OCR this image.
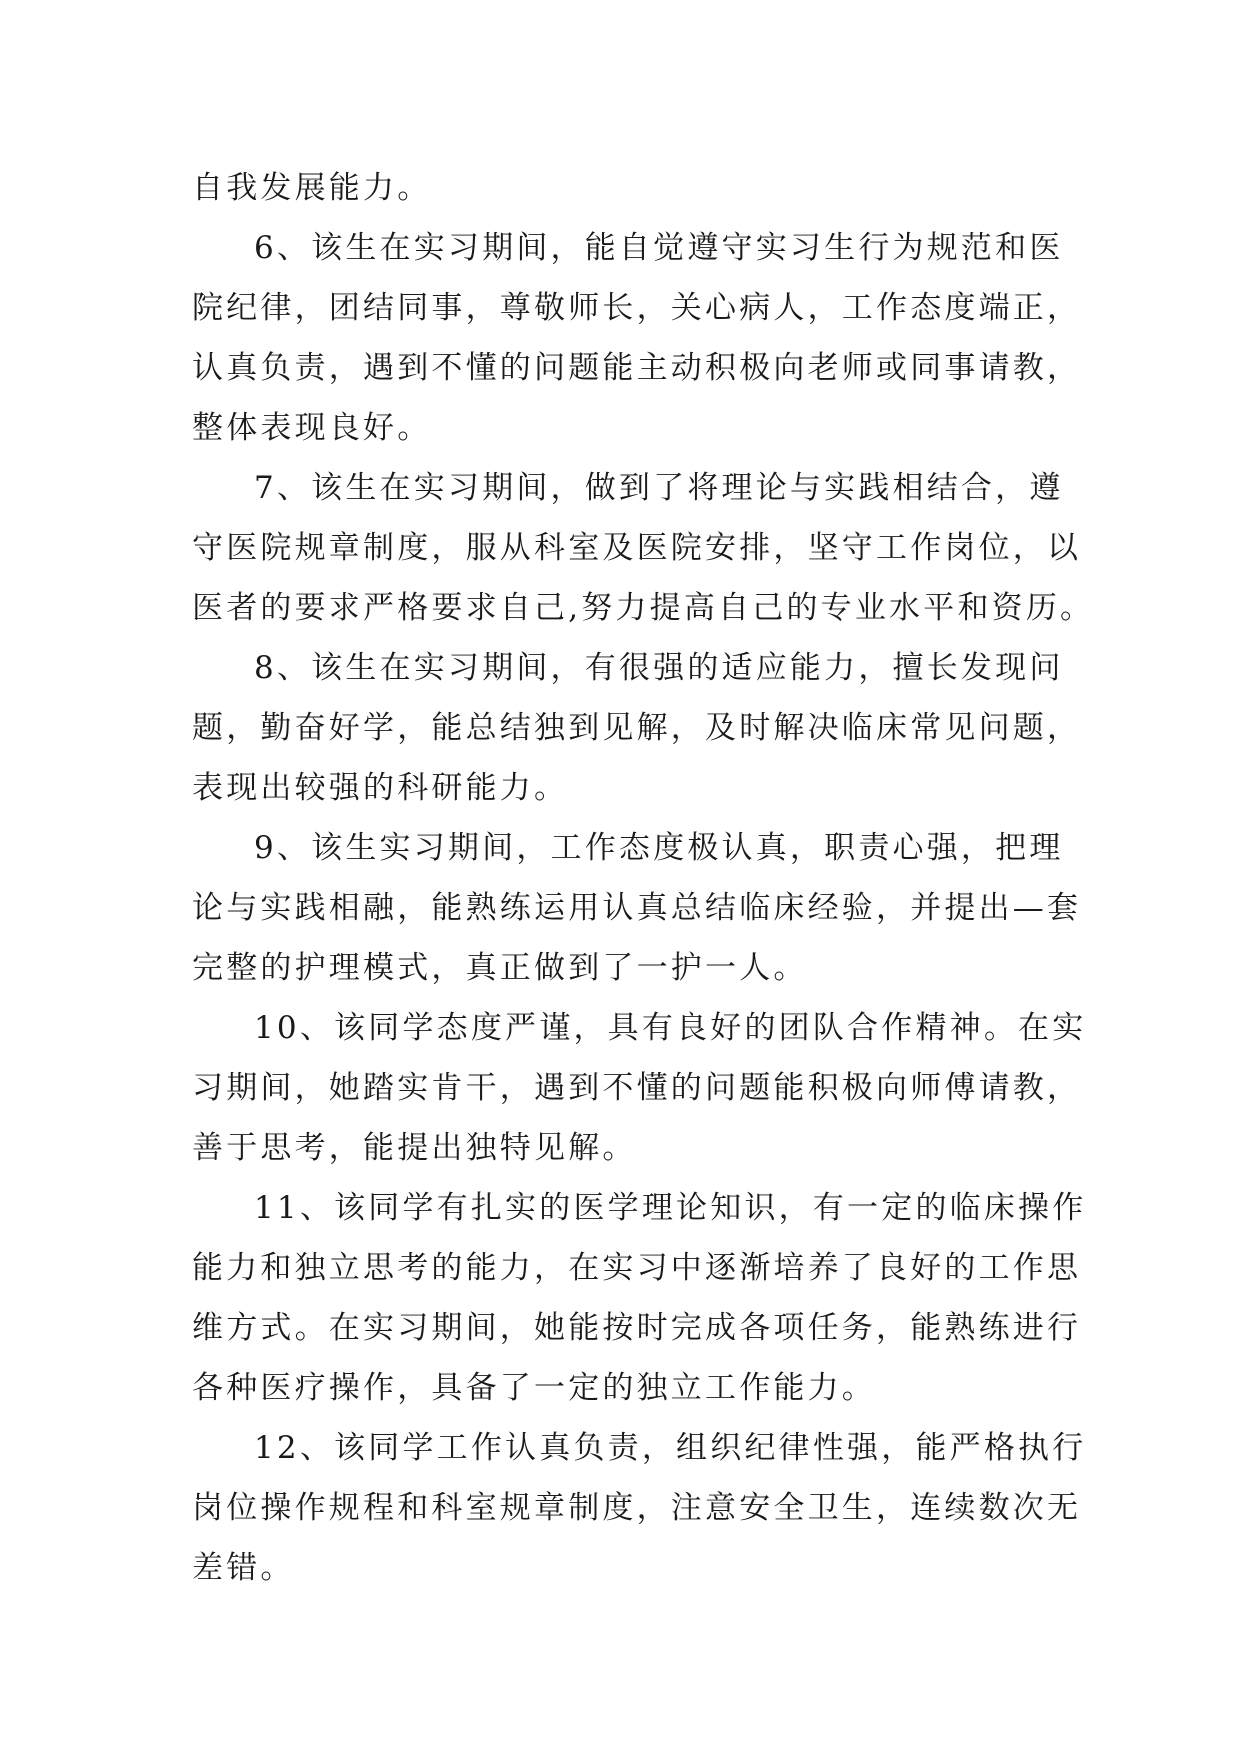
自我发展能力。
6、该生在实习期间，能自觉遵守实习生行为规范和医
院纪律，团结同事，尊敬师长，关心病人，工作态度端正，
认真负责，遇到不懂的问题能主动积极向老师或同事请教，
整体表现良好。
7、该生在实习期间，做到了将理论与实践相结合，遵
守医院规章制度，服从科室及医院安排，坚守工作岗位，以
医者的要求严格要求自己,努力提高自己的专业水平和资历。
8、该生在实习期间，有很强的适应能力，擅长发现问
题，勤奋好学，能总结独到见解，及时解决临床常见问题，
表现出较强的科研能力。
9、该生实习期间，工作态度极认真，职责心强，把理
论与实践相融，能熟练运用认真总结临床经验，并提出—套
完整的护理模式，真正做到了一护一人。
10、该同学态度严谨，具有良好的团队合作精神。在实
习期间，她踏实肯干，遇到不懂的问题能积极向师傅请教，
善于思考，能提出独特见解。
11、该同学有扎实的医学理论知识，有一定的临床操作
能力和独立思考的能力，在实习中逐渐培养了良好的工作思
维方式。在实习期间，她能按时完成各项任务，能熟练进行
各种医疗操作，具备了一定的独立工作能力。
12、该同学工作认真负责，组织纪律性强，能严格执行
岗位操作规程和科室规章制度，注意安全卫生，连续数次无
差错。
